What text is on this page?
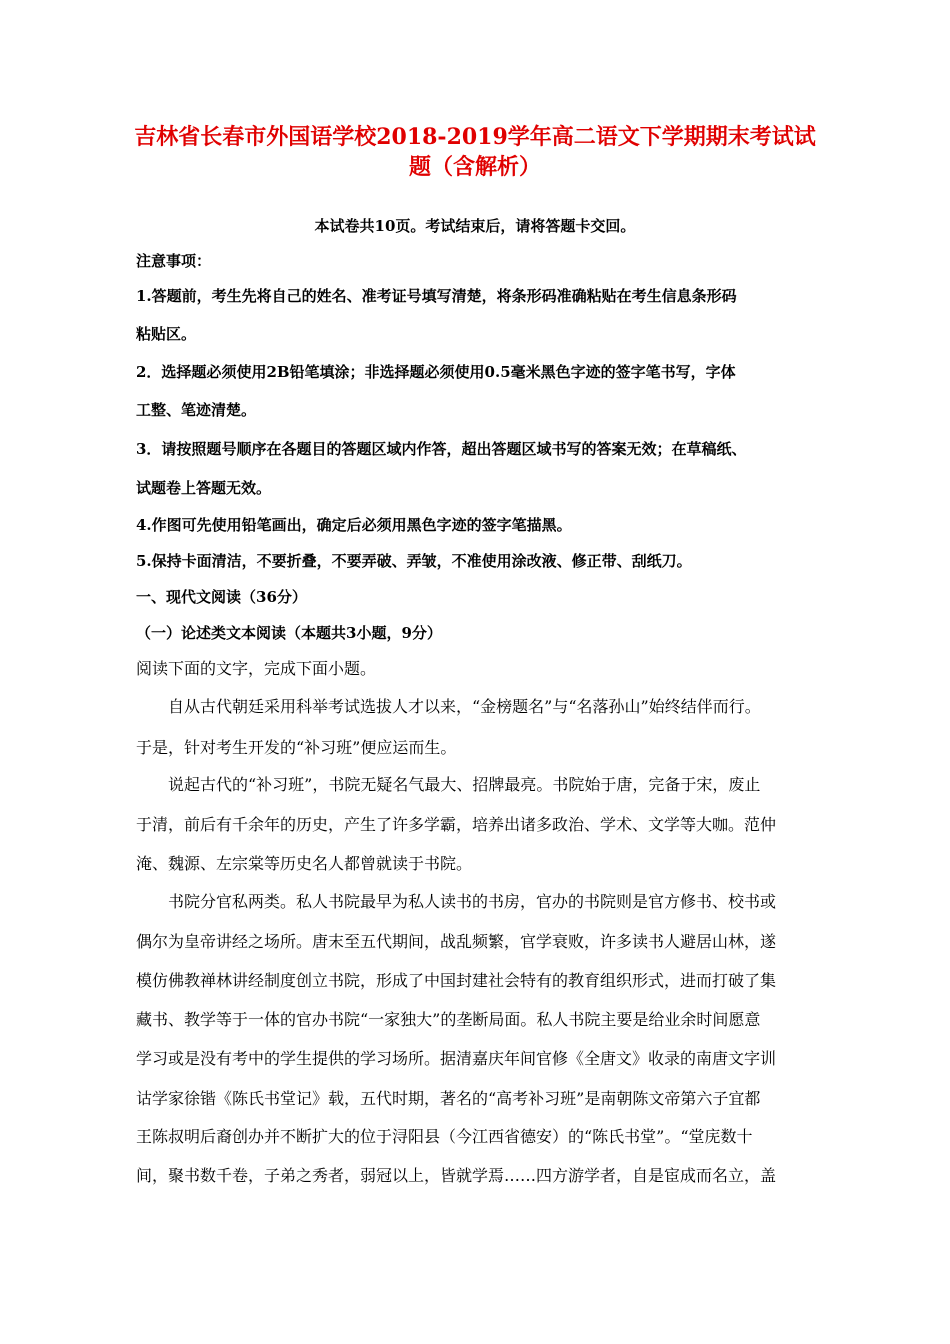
吉林省长春市外国语学校2018-2019学年高二语文下学期期末考试试题（含解析）
本试卷共10页。考试结束后，请将答题卡交回。
注意事项：
1.答题前，考生先将自己的姓名、准考证号填写清楚，将条形码准确粘贴在考生信息条形码
粘贴区。
2．选择题必须使用2B铅笔填涂；非选择题必须使用0.5毫米黑色字迹的签字笔书写，字体
工整、笔迹清楚。
3．请按照题号顺序在各题目的答题区域内作答，超出答题区域书写的答案无效；在草稿纸、
试题卷上答题无效。
4.作图可先使用铅笔画出，确定后必须用黑色字迹的签字笔描黑。
5.保持卡面清洁，不要折叠，不要弄破、弄皱，不准使用涂改液、修正带、刮纸刀。
一、现代文阅读（36分）
（一）论述类文本阅读（本题共3小题，9分）
阅读下面的文字，完成下面小题。
　　自从古代朝廷采用科举考试选拔人才以来，“金榜题名”与“名落孙山”始终结伴而行。
于是，针对考生开发的“补习班”便应运而生。
　　说起古代的“补习班”，书院无疑名气最大、招牌最亮。书院始于唐，完备于宋，废止
于清，前后有千余年的历史，产生了许多学霸，培养出诸多政治、学术、文学等大咖。范仲
淹、魏源、左宗棠等历史名人都曾就读于书院。
　　书院分官私两类。私人书院最早为私人读书的书房，官办的书院则是官方修书、校书或
偶尔为皇帝讲经之场所。唐末至五代期间，战乱频繁，官学衰败，许多读书人避居山林，遂
模仿佛教禅林讲经制度创立书院，形成了中国封建社会特有的教育组织形式，进而打破了集
藏书、教学等于一体的官办书院“一家独大”的垄断局面。私人书院主要是给业余时间愿意
学习或是没有考中的学生提供的学习场所。据清嘉庆年间官修《全唐文》收录的南唐文字训
诂学家徐锴《陈氏书堂记》载，五代时期，著名的“高考补习班”是南朝陈文帝第六子宜都
王陈叔明后裔创办并不断扩大的位于浔阳县（今江西省德安）的“陈氏书堂”。“堂庑数十
间，聚书数千卷，子弟之秀者，弱冠以上，皆就学焉……四方游学者，自是宦成而名立，盖
